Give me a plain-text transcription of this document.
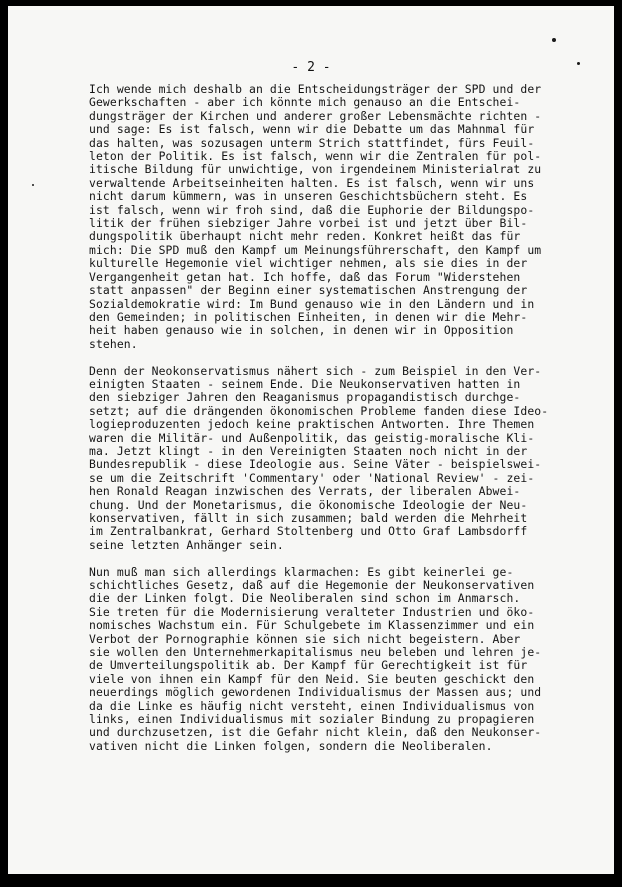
- 2 -
Ich wende mich deshalb an die Entscheidungsträger der SPD und der
Gewerkschaften - aber ich könnte mich genauso an die Entschei-
dungsträger der Kirchen und anderer großer Lebensmächte richten -
und sage: Es ist falsch, wenn wir die Debatte um das Mahnmal für
das halten, was sozusagen unterm Strich stattfindet, fürs Feuil-
leton der Politik. Es ist falsch, wenn wir die Zentralen für pol-
itische Bildung für unwichtige, von irgendeinem Ministerialrat zu
verwaltende Arbeitseinheiten halten. Es ist falsch, wenn wir uns
nicht darum kümmern, was in unseren Geschichtsbüchern steht. Es
ist falsch, wenn wir froh sind, daß die Euphorie der Bildungspo-
litik der frühen siebziger Jahre vorbei ist und jetzt über Bil-
dungspolitik überhaupt nicht mehr reden. Konkret heißt das für
mich: Die SPD muß den Kampf um Meinungsführerschaft, den Kampf um
kulturelle Hegemonie viel wichtiger nehmen, als sie dies in der
Vergangenheit getan hat. Ich hoffe, daß das Forum "Widerstehen
statt anpassen" der Beginn einer systematischen Anstrengung der
Sozialdemokratie wird: Im Bund genauso wie in den Ländern und in
den Gemeinden; in politischen Einheiten, in denen wir die Mehr-
heit haben genauso wie in solchen, in denen wir in Opposition
stehen.
Denn der Neokonservatismus nähert sich - zum Beispiel in den Ver-
einigten Staaten - seinem Ende. Die Neukonservativen hatten in
den siebziger Jahren den Reaganismus propagandistisch durchge-
setzt; auf die drängenden ökonomischen Probleme fanden diese Ideo-
logieproduzenten jedoch keine praktischen Antworten. Ihre Themen
waren die Militär- und Außenpolitik, das geistig-moralische Kli-
ma. Jetzt klingt - in den Vereinigten Staaten noch nicht in der
Bundesrepublik - diese Ideologie aus. Seine Väter - beispielswei-
se um die Zeitschrift 'Commentary' oder 'National Review' - zei-
hen Ronald Reagan inzwischen des Verrats, der liberalen Abwei-
chung. Und der Monetarismus, die ökonomische Ideologie der Neu-
konservativen, fällt in sich zusammen; bald werden die Mehrheit
im Zentralbankrat, Gerhard Stoltenberg und Otto Graf Lambsdorff
seine letzten Anhänger sein.
Nun muß man sich allerdings klarmachen: Es gibt keinerlei ge-
schichtliches Gesetz, daß auf die Hegemonie der Neukonservativen
die der Linken folgt. Die Neoliberalen sind schon im Anmarsch.
Sie treten für die Modernisierung veralteter Industrien und öko-
nomisches Wachstum ein. Für Schulgebete im Klassenzimmer und ein
Verbot der Pornographie können sie sich nicht begeistern. Aber
sie wollen den Unternehmerkapitalismus neu beleben und lehren je-
de Umverteilungspolitik ab. Der Kampf für Gerechtigkeit ist für
viele von ihnen ein Kampf für den Neid. Sie beuten geschickt den
neuerdings möglich gewordenen Individualismus der Massen aus; und
da die Linke es häufig nicht versteht, einen Individualismus von
links, einen Individualismus mit sozialer Bindung zu propagieren
und durchzusetzen, ist die Gefahr nicht klein, daß den Neukonser-
vativen nicht die Linken folgen, sondern die Neoliberalen.
